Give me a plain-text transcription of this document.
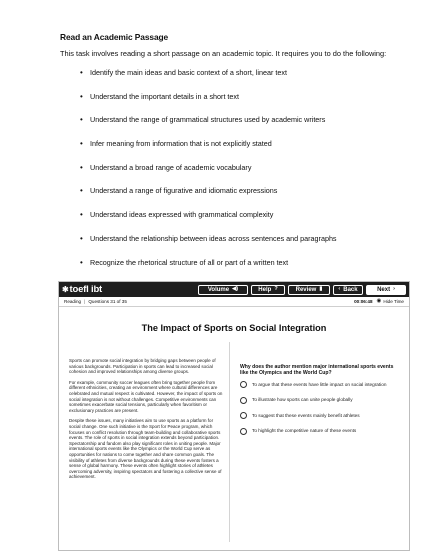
Read an Academic Passage

This task involves reading a short passage on an academic topic. It requires you to do the following:

• Identify the main ideas and basic context of a short, linear text
• Understand the important details in a short text
• Understand the range of grammatical structures used by academic writers
• Infer meaning from information that is not explicitly stated
• Understand a broad range of academic vocabulary
• Understand a range of figurative and idiomatic expressions
• Understand ideas expressed with grammatical complexity
• Understand the relationship between ideas across sentences and paragraphs
• Recognize the rhetorical structure of all or part of a written text
✱ toefl ibt	Volume ◀)	Help ?	Review ▮	‹ Back	Next ›
Reading | Questions 31 of 35	00:06:48 ◉ Hide Time
The Impact of Sports on Social Integration

Sports can promote social integration by bridging gaps between people of various backgrounds. Participation in sports can lead to increased social cohesion and improved relationships among diverse groups.

For example, community soccer leagues often bring together people from different ethnicities, creating an environment where cultural differences are celebrated and mutual respect is cultivated. However, the impact of sports on social integration is not without challenges. Competitive environments can sometimes exacerbate social tensions, particularly when favoritism or exclusionary practices are present.

Despite these issues, many initiatives aim to use sports as a platform for social change. One such initiative is the Sport for Peace program, which focuses on conflict resolution through team-building and collaborative sports events. The role of sports in social integration extends beyond participation. Spectatorship and fandom also play significant roles in uniting people. Major international sports events like the Olympics or the World Cup serve as opportunities for nations to come together and share common goals. The visibility of athletes from diverse backgrounds during these events fosters a sense of global harmony. These events often highlight stories of athletes overcoming adversity, inspiring spectators and fostering a collective sense of achievement.

Why does the author mention major international sports events like the Olympics and the World Cup?
To argue that these events have little impact on social integration
To illustrate how sports can unite people globally
To suggest that these events mainly benefit athletes
To highlight the competitive nature of these events
